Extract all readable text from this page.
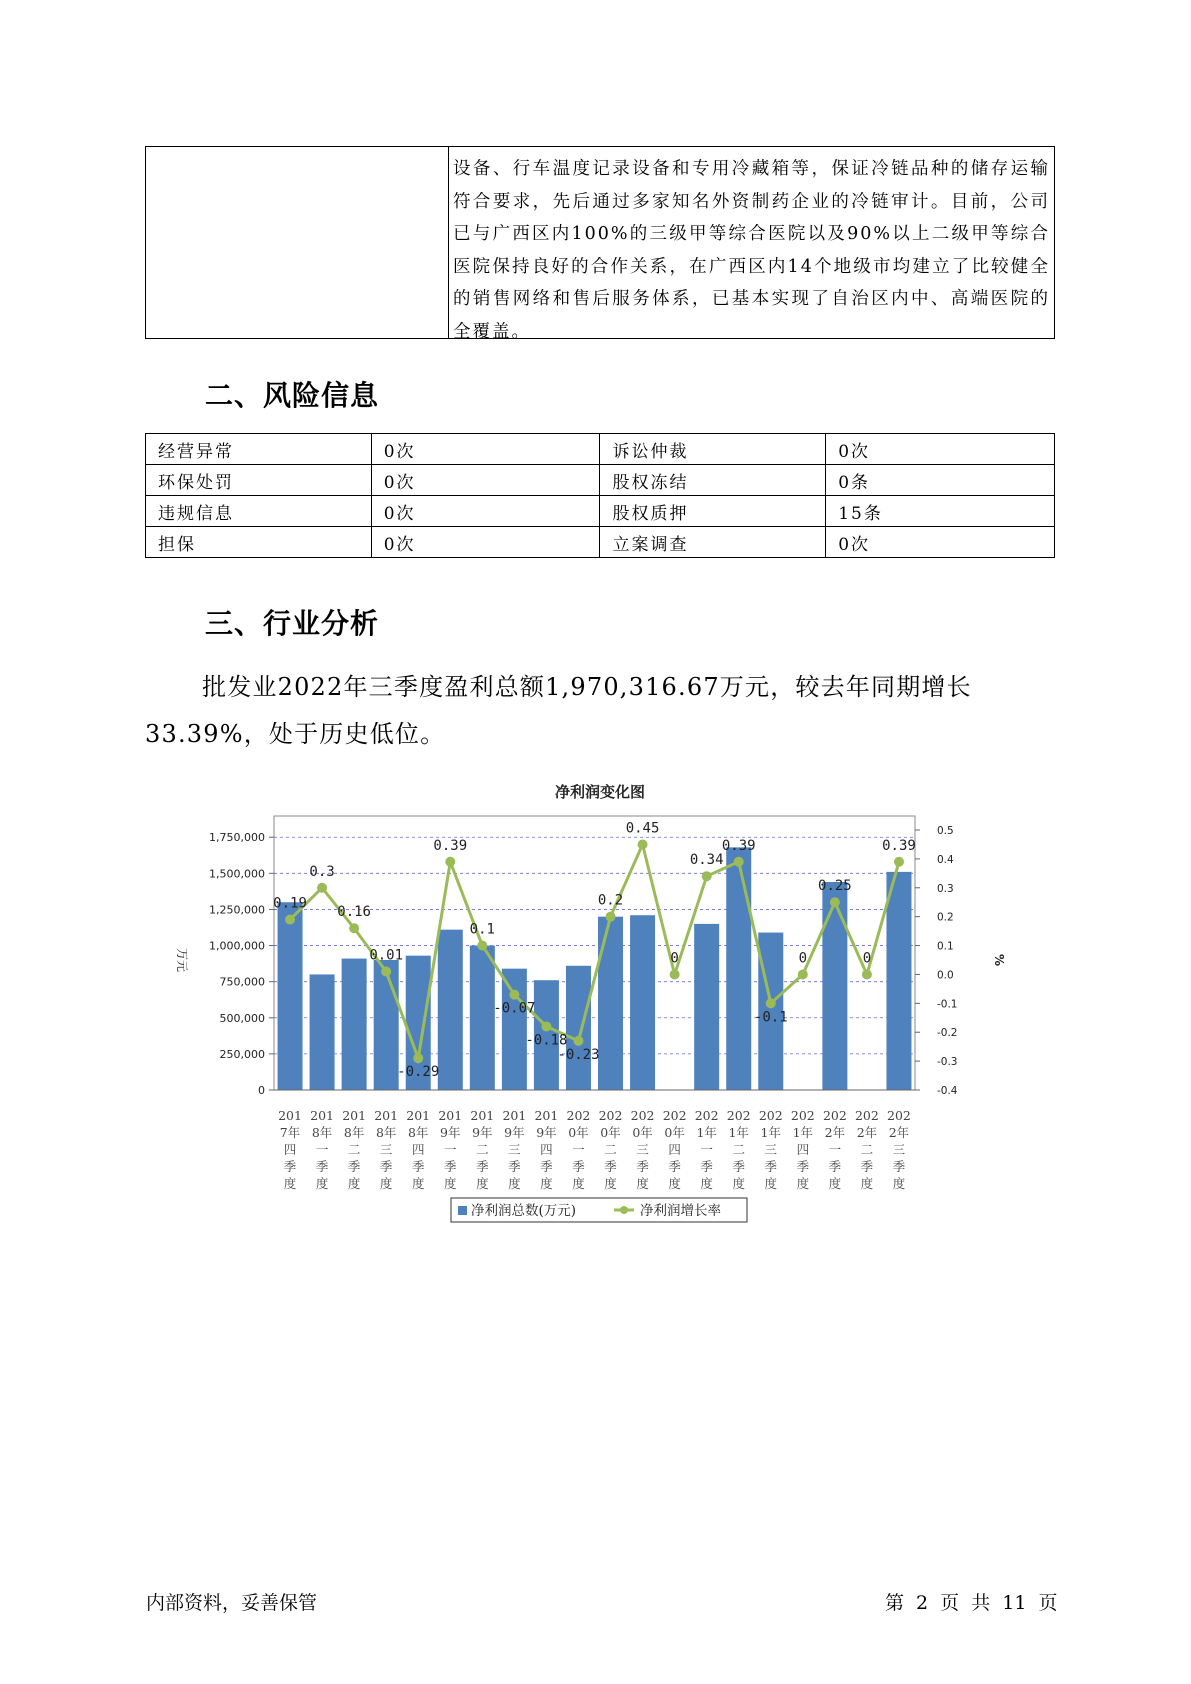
设备、行车温度记录设备和专用冷藏箱等，保证冷链品种的储存运输符合要求，先后通过多家知名外资制药企业的冷链审计。目前，公司已与广西区内100%的三级甲等综合医院以及90%以上二级甲等综合医院保持良好的合作关系，在广西区内14个地级市均建立了比较健全的销售网络和售后服务体系，已基本实现了自治区内中、高端医院的全覆盖。
二、风险信息
经营异常	0次	诉讼仲裁	0次
环保处罚	0次	股权冻结	0条
违规信息	0次	股权质押	15条
担保	0次	立案调查	0次
三、行业分析
批发业2022年三季度盈利总额1,970,316.67万元，较去年同期增长33.39%，处于历史低位。
净利润变化图
0
250,000
500,000
750,000
1,000,000
1,250,000
1,500,000
1,750,000
万元
-0.4
-0.3
-0.2
-0.1
0.0
0.1
0.2
0.3
0.4
0.5
%
0.19
0.3
0.16
0.01
-0.29
0.39
0.1
-0.07
-0.18
-0.23
0.2
0.45
0
0.34
0.39
-0.1
0
0.25
0
0.39
201 7年四季度
201 8年一季度
201 8年二季度
201 8年三季度
201 8年四季度
201 9年一季度
201 9年二季度
201 9年三季度
201 9年四季度
202 0年一季度
202 0年二季度
202 0年三季度
202 0年四季度
202 1年一季度
202 1年二季度
202 1年三季度
202 1年四季度
202 2年一季度
202 2年二季度
202 2年三季度
净利润总数(万元)	净利润增长率
内部资料，妥善保管	第 2 页 共 11 页
